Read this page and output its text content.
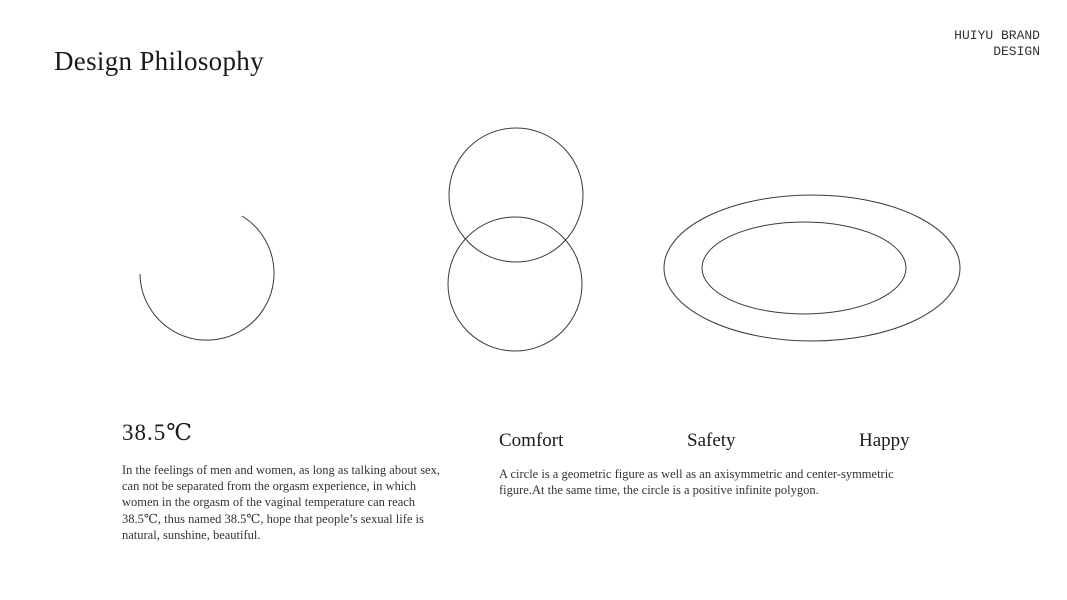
Design Philosophy
HUIYU BRAND
DESIGN
38.5℃
In the feelings of men and women, as long as talking about sex, can not be separated from the orgasm experience, in which women in the orgasm of the vaginal temperature can reach 38.5℃, thus named 38.5℃, hope that people’s sexual life is natural, sunshine, beautiful.
Comfort	Safety	Happy
A circle is a geometric figure as well as an axisymmetric and center-symmetric figure.At the same time, the circle is a positive infinite polygon.
